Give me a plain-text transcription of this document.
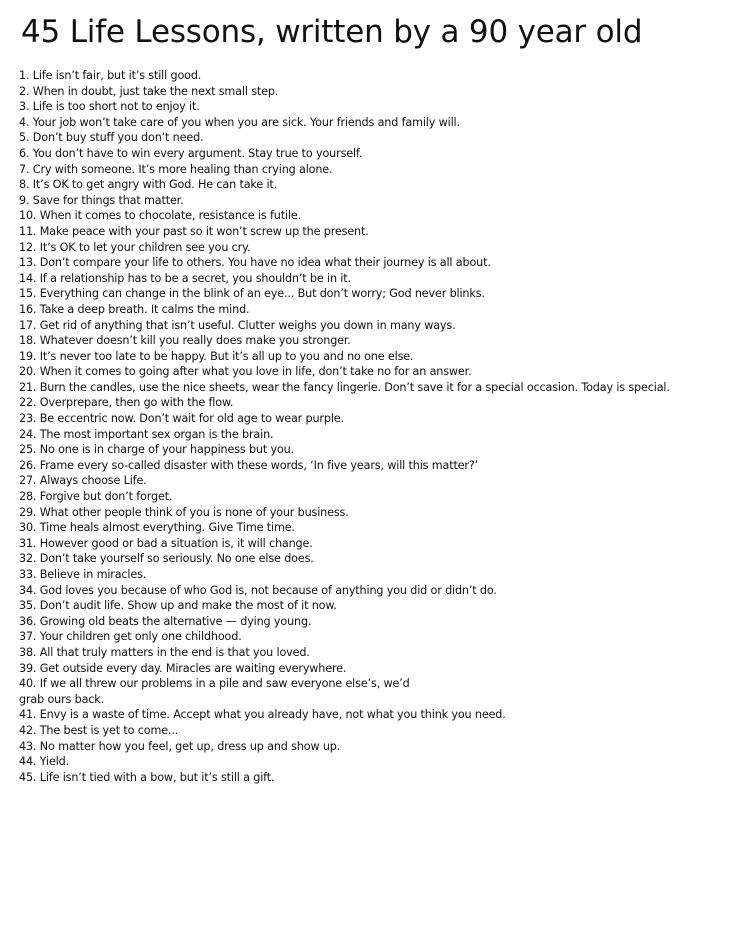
45 Life Lessons, written by a 90 year old
1. Life isn’t fair, but it’s still good.
2. When in doubt, just take the next small step.
3. Life is too short not to enjoy it.
4. Your job won’t take care of you when you are sick. Your friends and family will.
5. Don’t buy stuff you don’t need.
6. You don’t have to win every argument. Stay true to yourself.
7. Cry with someone. It’s more healing than crying alone.
8. It’s OK to get angry with God. He can take it.
9. Save for things that matter.
10. When it comes to chocolate, resistance is futile.
11. Make peace with your past so it won’t screw up the present.
12. It’s OK to let your children see you cry.
13. Don’t compare your life to others. You have no idea what their journey is all about.
14. If a relationship has to be a secret, you shouldn’t be in it.
15. Everything can change in the blink of an eye... But don’t worry; God never blinks.
16. Take a deep breath. It calms the mind.
17. Get rid of anything that isn’t useful. Clutter weighs you down in many ways.
18. Whatever doesn’t kill you really does make you stronger.
19. It’s never too late to be happy. But it’s all up to you and no one else.
20. When it comes to going after what you love in life, don’t take no for an answer.
21. Burn the candles, use the nice sheets, wear the fancy lingerie. Don’t save it for a special occasion. Today is special.
22. Overprepare, then go with the flow.
23. Be eccentric now. Don’t wait for old age to wear purple.
24. The most important sex organ is the brain.
25. No one is in charge of your happiness but you.
26. Frame every so-called disaster with these words, ‘In five years, will this matter?’
27. Always choose Life.
28. Forgive but don’t forget.
29. What other people think of you is none of your business.
30. Time heals almost everything. Give Time time.
31. However good or bad a situation is, it will change.
32. Don’t take yourself so seriously. No one else does.
33. Believe in miracles.
34. God loves you because of who God is, not because of anything you did or didn’t do.
35. Don’t audit life. Show up and make the most of it now.
36. Growing old beats the alternative — dying young.
37. Your children get only one childhood.
38. All that truly matters in the end is that you loved.
39. Get outside every day. Miracles are waiting everywhere.
40. If we all threw our problems in a pile and saw everyone else’s, we’d
grab ours back.
41. Envy is a waste of time. Accept what you already have, not what you think you need.
42. The best is yet to come...
43. No matter how you feel, get up, dress up and show up.
44. Yield.
45. Life isn’t tied with a bow, but it’s still a gift.
